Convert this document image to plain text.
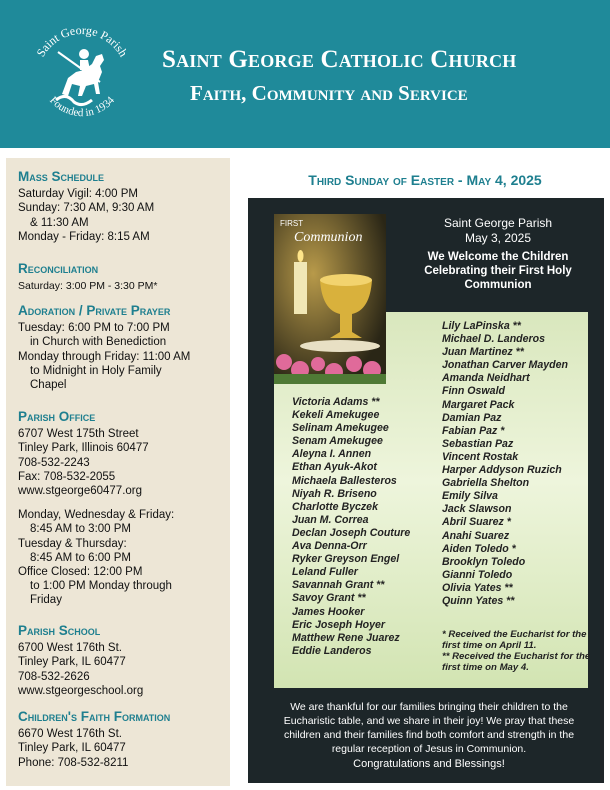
Saint George Parish
Founded in 1934
Saint George Catholic Church
Faith, Community and Service
Mass Schedule
Saturday Vigil: 4:00 PM
Sunday: 7:30 AM, 9:30 AM
& 11:30 AM
Monday - Friday: 8:15 AM
Reconciliation
Saturday: 3:00 PM - 3:30 PM*
Adoration / Private Prayer
Tuesday: 6:00 PM to 7:00 PM
in Church with Benediction
Monday through Friday: 11:00 AM
to Midnight in Holy Family
Chapel
Parish Office
6707 West 175th Street
Tinley Park, Illinois 60477
708-532-2243
Fax: 708-532-2055
www.stgeorge60477.org
Monday, Wednesday & Friday:
8:45 AM to 3:00 PM
Tuesday & Thursday:
8:45 AM to 6:00 PM
Office Closed: 12:00 PM
to 1:00 PM Monday through
Friday
Parish School
6700 West 176th St.
Tinley Park, IL 60477
708-532-2626
www.stgeorgeschool.org
Children's Faith Formation
6670 West 176th St.
Tinley Park, IL 60477
Phone: 708-532-8211
Third Sunday of Easter - May 4, 2025
FIRST
Communion
Saint George Parish
May 3, 2025
We Welcome the Children Celebrating their First Holy Communion
Victoria Adams **
Kekeli Amekugee
Selinam Amekugee
Senam Amekugee
Aleyna I. Annen
Ethan Ayuk-Akot
Michaela Ballesteros
Niyah R. Briseno
Charlotte Byczek
Juan M. Correa
Declan Joseph Couture
Ava Denna-Orr
Ryker Greyson Engel
Leland Fuller
Savannah Grant **
Savoy Grant **
James Hooker
Eric Joseph Hoyer
Matthew Rene Juarez
Eddie Landeros
Lily LaPinska **
Michael D. Landeros
Juan Martinez **
Jonathan Carver Mayden
Amanda Neidhart
Finn Oswald
Margaret Pack
Damian Paz
Fabian Paz *
Sebastian Paz
Vincent Rostak
Harper Addyson Ruzich
Gabriella Shelton
Emily Silva
Jack Slawson
Abril Suarez *
Anahi Suarez
Aiden Toledo *
Brooklyn Toledo
Gianni Toledo
Olivia Yates **
Quinn Yates **
* Received the Eucharist for the first time on April 11.
** Received the Eucharist for the first time on May 4.
We are thankful for our families bringing their children to the Eucharistic table, and we share in their joy! We pray that these children and their families find both comfort and strength in the regular reception of Jesus in Communion.
Congratulations and Blessings!
